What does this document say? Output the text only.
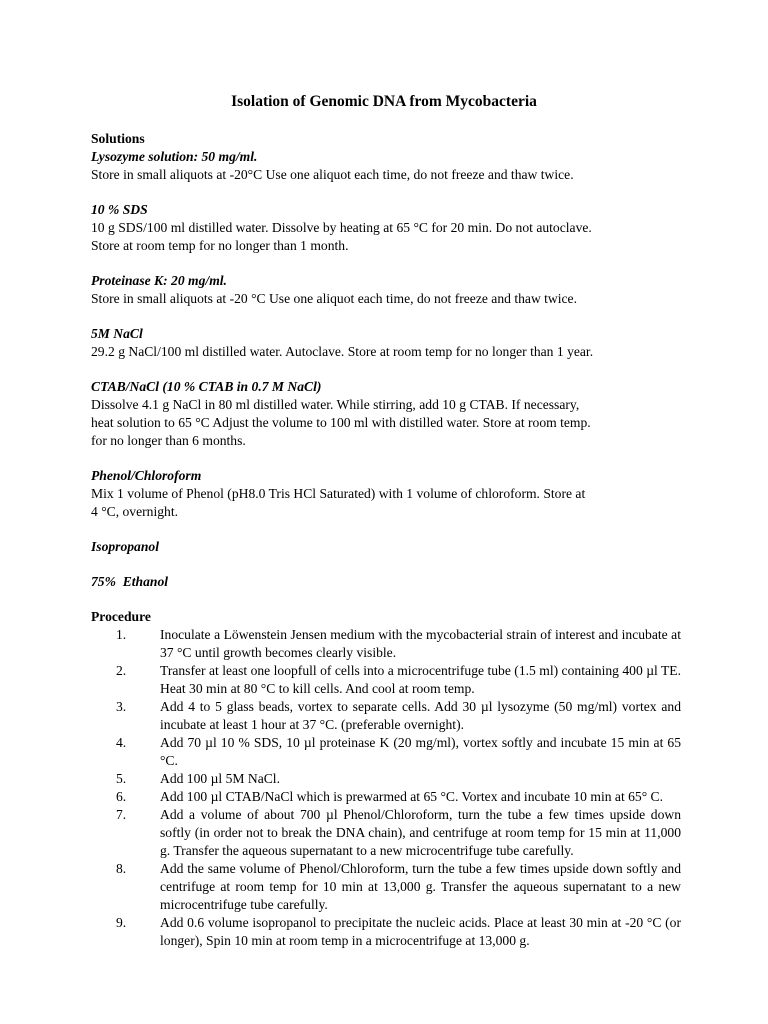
Isolation of Genomic DNA from Mycobacteria
Solutions
Lysozyme solution: 50 mg/ml.
Store in small aliquots at -20°C Use one aliquot each time, do not freeze and thaw twice.
10 % SDS
10 g SDS/100 ml distilled water. Dissolve by heating at 65 °C for 20 min. Do not autoclave.
Store at room temp for no longer than 1 month.
Proteinase K: 20 mg/ml.
Store in small aliquots at -20 °C Use one aliquot each time, do not freeze and thaw twice.
5M NaCl
29.2 g NaCl/100 ml distilled water. Autoclave. Store at room temp for no longer than 1 year.
CTAB/NaCl (10 % CTAB in 0.7 M NaCl)
Dissolve 4.1 g NaCl in 80 ml distilled water. While stirring, add 10 g CTAB. If necessary,
heat solution to 65 °C Adjust the volume to 100 ml with distilled water. Store at room temp.
for no longer than 6 months.
Phenol/Chloroform
Mix 1 volume of Phenol (pH8.0 Tris HCl Saturated) with 1 volume of chloroform. Store at
4 °C, overnight.
Isopropanol
75%  Ethanol
Procedure
1.	Inoculate a Löwenstein Jensen medium with the mycobacterial strain of interest and incubate at 37 °C until growth becomes clearly visible.
2.	Transfer at least one loopfull of cells into a microcentrifuge tube (1.5 ml) containing 400 µl TE. Heat 30 min at 80 °C to kill cells. And cool at room temp.
3.	Add 4 to 5 glass beads, vortex to separate cells. Add 30 µl lysozyme (50 mg/ml) vortex and incubate at least 1 hour at 37 °C. (preferable overnight).
4.	Add 70 µl 10 % SDS, 10 µl proteinase K (20 mg/ml), vortex softly and incubate 15 min at 65 °C.
5.	Add 100 µl 5M NaCl.
6.	Add 100 µl CTAB/NaCl which is prewarmed at 65 °C. Vortex and incubate 10 min at 65° C.
7.	Add a volume of about 700 µl Phenol/Chloroform, turn the tube a few times upside down softly (in order not to break the DNA chain), and centrifuge at room temp for 15 min at 11,000 g. Transfer the aqueous supernatant to a new microcentrifuge tube carefully.
8.	Add the same volume of Phenol/Chloroform, turn the tube a few times upside down softly and centrifuge at room temp for 10 min at 13,000 g. Transfer the aqueous supernatant to a new microcentrifuge tube carefully.
9.	Add 0.6 volume isopropanol to precipitate the nucleic acids. Place at least 30 min at -20 °C (or longer), Spin 10 min at room temp in a microcentrifuge at 13,000 g.
